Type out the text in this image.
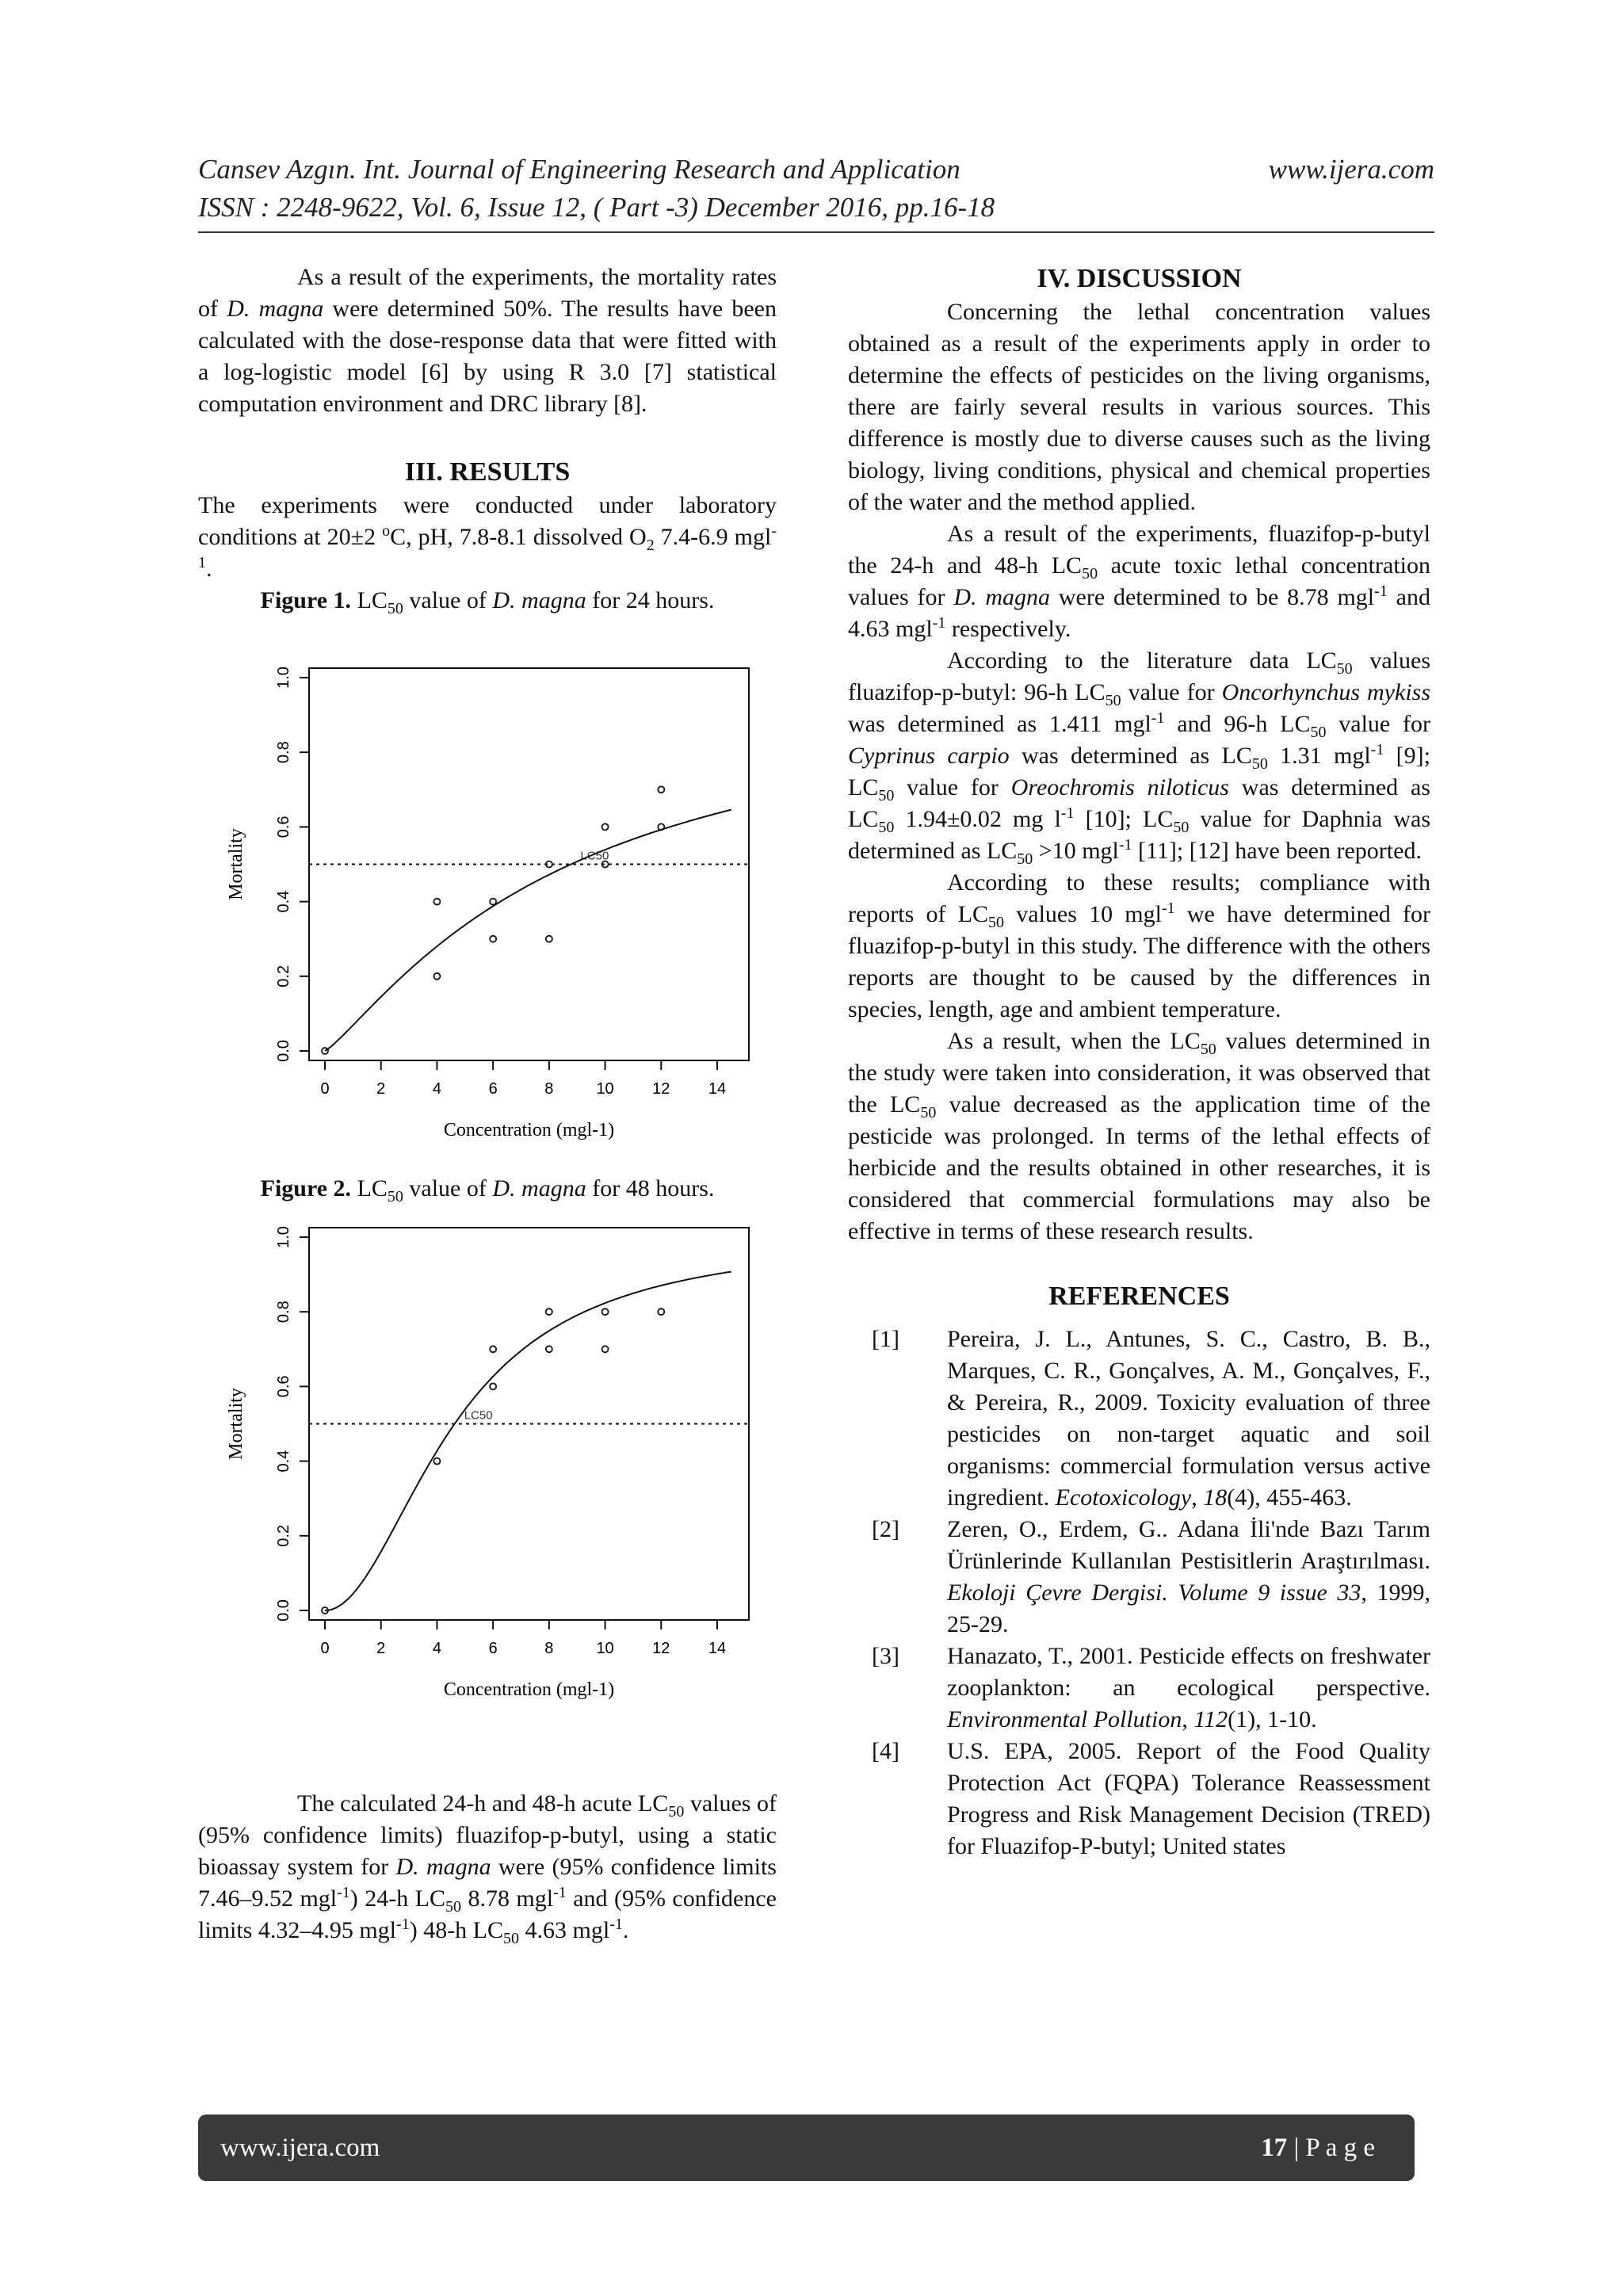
Cansev Azgın. Int. Journal of Engineering Research and Application	www.ijera.com
ISSN : 2248-9622, Vol. 6, Issue 12, ( Part -3) December 2016, pp.16-18

As a result of the experiments, the mortality rates of D. magna were determined 50%. The results have been calculated with the dose-response data that were fitted with a log-logistic model [6] by using R 3.0 [7] statistical computation environment and DRC library [8].

III. RESULTS

The experiments were conducted under laboratory conditions at 20±2 $^o$C, pH, 7.8-8.1 dissolved $O_2$ 7.4-6.9 mgl$^{-1}$.

Figure 1. $LC_{50}$ value of D. magna for 24 hours.

0	2	4	6	8	10 12 14
0.0
0.2
0.4
0.6
0.8
1.0
Concentration (mgl-1)
Mortality	LC50

Figure 2. $LC_{50}$ value of D. magna for 48 hours.

0	2	4	6	8	10 12 14
0.0
0.2
0.4
0.6
0.8
1.0
Concentration (mgl-1)
Mortality	LC50

The calculated 24-h and 48-h acute $LC_{50}$ values of (95% confidence limits) fluazifop-p-butyl, using a static bioassay system for D. magna were (95% confidence limits 7.46–9.52 mgl$^{-1}$) 24-h $LC_{50}$ 8.78 mgl$^{-1}$ and (95% confidence limits 4.32–4.95 mgl$^{-1}$) 48-h $LC_{50}$ 4.63 mgl$^{-1}$.

IV. DISCUSSION

Concerning the lethal concentration values obtained as a result of the experiments apply in order to determine the effects of pesticides on the living organisms, there are fairly several results in various sources. This difference is mostly due to diverse causes such as the living biology, living conditions, physical and chemical properties of the water and the method applied.

As a result of the experiments, fluazifop-p-butyl the 24-h and 48-h $LC_{50}$ acute toxic lethal concentration values for D. magna were determined to be 8.78 mgl$^{-1}$ and 4.63 mgl$^{-1}$ respectively.

According to the literature data $LC_{50}$ values fluazifop-p-butyl: 96-h $LC_{50}$ value for Oncorhynchus mykiss was determined as 1.411 mgl$^{-1}$ and 96-h $LC_{50}$ value for Cyprinus carpio was determined as $LC_{50}$ 1.31 mgl$^{-1}$ [9]; $LC_{50}$ value for Oreochromis niloticus was determined as $LC_{50}$ 1.94±0.02 mg $l^{-1}$ [10]; $LC_{50}$ value for Daphnia was determined as $LC_{50} >10$ mgl$^{-1}$ [11]; [12] have been reported.

According to these results; compliance with reports of $LC_{50}$ values 10 mgl$^{-1}$ we have determined for fluazifop-p-butyl in this study. The difference with the others reports are thought to be caused by the differences in species, length, age and ambient temperature.

As a result, when the $LC_{50}$ values determined in the study were taken into consideration, it was observed that the $LC_{50}$ value decreased as the application time of the pesticide was prolonged. In terms of the lethal effects of herbicide and the results obtained in other researches, it is considered that commercial formulations may also be effective in terms of these research results.

REFERENCES

[1]	Pereira, J. L., Antunes, S. C., Castro, B. B., Marques, C. R., Gonçalves, A. M., Gonçalves, F., & Pereira, R., 2009. Toxicity evaluation of three pesticides on non-target aquatic and soil organisms: commercial formulation versus active ingredient. Ecotoxicology, 18(4), 455-463.
[2]	Zeren, O., Erdem, G.. Adana İli'nde Bazı Tarım Ürünlerinde Kullanılan Pestisitlerin Araştırılması. Ekoloji Çevre Dergisi. Volume 9 issue 33, 1999, 25-29.
[3]	Hanazato, T., 2001. Pesticide effects on freshwater zooplankton: an ecological perspective. Environmental Pollution, 112(1), 1-10.
[4]	U.S. EPA, 2005. Report of the Food Quality Protection Act (FQPA) Tolerance Reassessment Progress and Risk Management Decision (TRED) for Fluazifop-P-butyl; United states
www.ijera.com	17 | P a g e
